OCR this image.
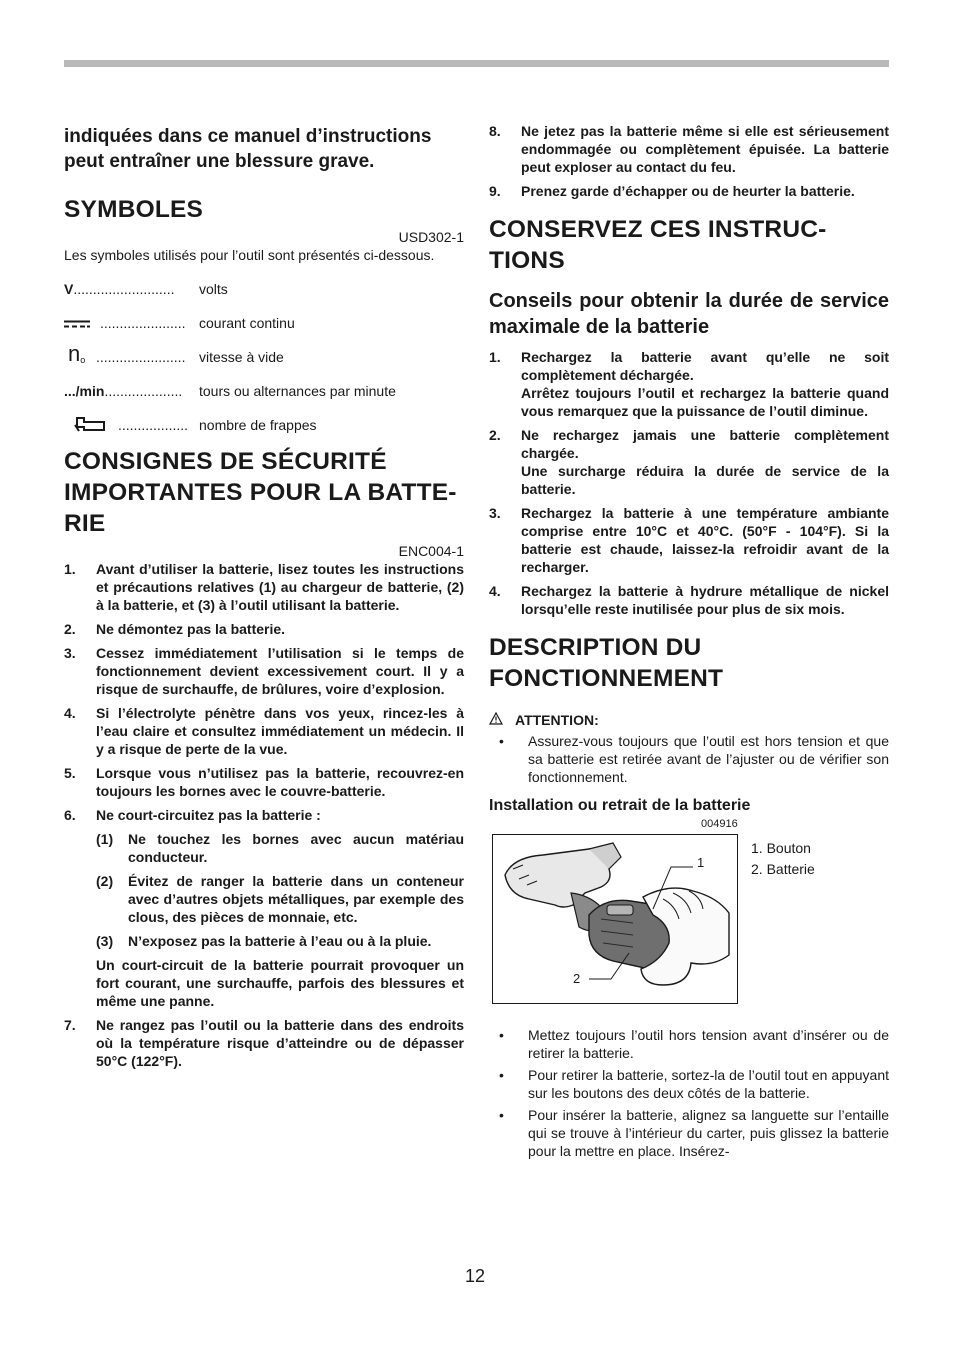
indiquées dans ce manuel d’instructions peut entraîner une blessure grave.
SYMBOLES
USD302-1

Les symboles utilisés pour l’outil sont présentés ci-dessous.

V .......................... volts
...................... courant continu
no ....................... vitesse à vide
.../min .................... tours ou alternances par minute
.................. nombre de frappes
CONSIGNES DE SÉCURITÉ IMPORTANTES POUR LA BATTE-RIE
ENC004-1
1.	Avant d’utiliser la batterie, lisez toutes les instructions et précautions relatives (1) au chargeur de batterie, (2) à la batterie, et (3) à l’outil utilisant la batterie.
2.	Ne démontez pas la batterie.
3.	Cessez immédiatement l’utilisation si le temps de fonctionnement devient excessivement court. Il y a risque de surchauffe, de brûlures, voire d’explosion.
4.	Si l’électrolyte pénètre dans vos yeux, rincez-les à l’eau claire et consultez immédiatement un médecin. Il y a risque de perte de la vue.
5.	Lorsque vous n’utilisez pas la batterie, recouvrez-en toujours les bornes avec le couvre-batterie.
6.	Ne court-circuitez pas la batterie :
(1)	Ne touchez les bornes avec aucun matériau conducteur.
(2)	Évitez de ranger la batterie dans un conteneur avec d’autres objets métalliques, par exemple des clous, des pièces de monnaie, etc.
(3)	N’exposez pas la batterie à l’eau ou à la pluie.
Un court-circuit de la batterie pourrait provoquer un fort courant, une surchauffe, parfois des blessures et même une panne.
7.	Ne rangez pas l’outil ou la batterie dans des endroits où la température risque d’atteindre ou de dépasser 50°C (122°F).
8.	Ne jetez pas la batterie même si elle est sérieusement endommagée ou complètement épuisée. La batterie peut exploser au contact du feu.
9.	Prenez garde d’échapper ou de heurter la batterie.
CONSERVEZ CES INSTRUC-TIONS
Conseils pour obtenir la durée de service maximale de la batterie
1.	Rechargez la batterie avant qu’elle ne soit complètement déchargée.
Arrêtez toujours l’outil et rechargez la batterie quand vous remarquez que la puissance de l’outil diminue.
2.	Ne rechargez jamais une batterie complètement chargée.
Une surcharge réduira la durée de service de la batterie.
3.	Rechargez la batterie à une température ambiante comprise entre 10°C et 40°C. (50°F - 104°F). Si la batterie est chaude, laissez-la refroidir avant de la recharger.
4.	Rechargez la batterie à hydrure métallique de nickel lorsqu’elle reste inutilisée pour plus de six mois.
DESCRIPTION DU FONCTIONNEMENT
ATTENTION:
•	Assurez-vous toujours que l’outil est hors tension et que sa batterie est retirée avant de l’ajuster ou de vérifier son fonctionnement.
Installation ou retrait de la batterie
004916
1
2
1. Bouton
2. Batterie
•	Mettez toujours l’outil hors tension avant d’insérer ou de retirer la batterie.
•	Pour retirer la batterie, sortez-la de l’outil tout en appuyant sur les boutons des deux côtés de la batterie.
•	Pour insérer la batterie, alignez sa languette sur l’entaille qui se trouve à l’intérieur du carter, puis glissez la batterie pour la mettre en place. Insérez-
12
